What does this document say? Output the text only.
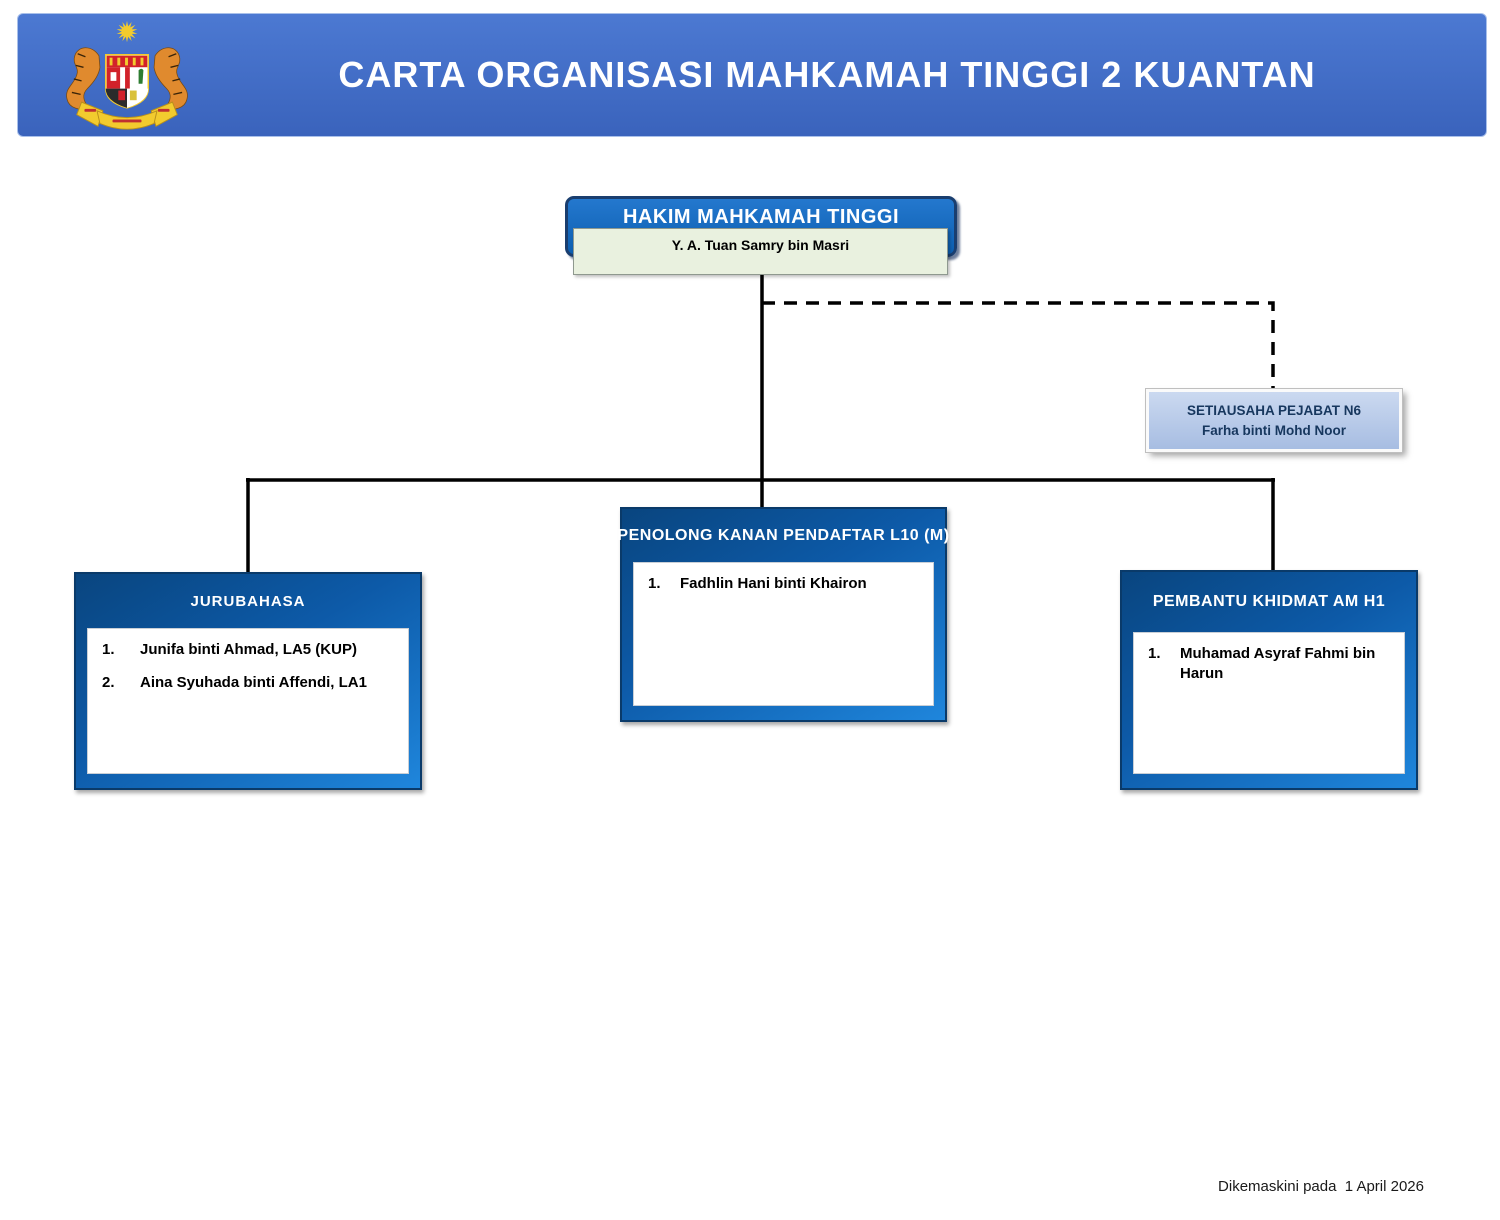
CARTA ORGANISASI MAHKAMAH TINGGI 2 KUANTAN
HAKIM MAHKAMAH TINGGI
Y. A. Tuan Samry bin Masri
SETIAUSAHA PEJABAT N6
Farha binti Mohd Noor
JURUBAHASA
1.	Junifa binti Ahmad, LA5 (KUP)
2.	Aina Syuhada binti Affendi, LA1
PENOLONG KANAN PENDAFTAR L10 (M)
1.	Fadhlin Hani binti Khairon
PEMBANTU KHIDMAT AM H1
1.	Muhamad Asyraf Fahmi bin Harun
Dikemaskini pada  1 April 2026
